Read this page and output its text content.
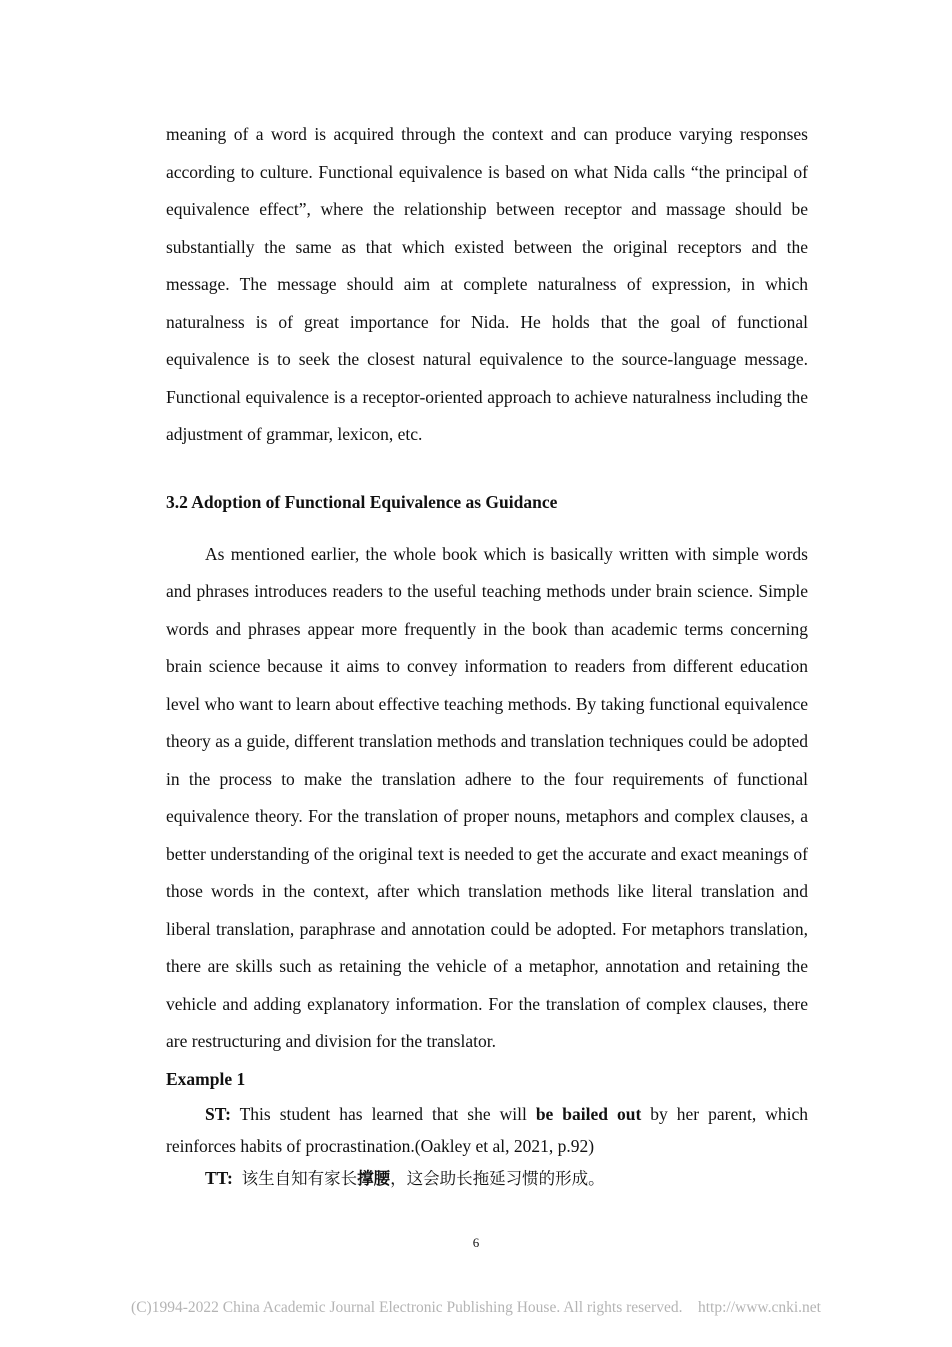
meaning of a word is acquired through the context and can produce varying responses according to culture. Functional equivalence is based on what Nida calls “the principal of equivalence effect”, where the relationship between receptor and massage should be substantially the same as that which existed between the original receptors and the message. The message should aim at complete naturalness of expression, in which naturalness is of great importance for Nida. He holds that the goal of functional equivalence is to seek the closest natural equivalence to the source-language message. Functional equivalence is a receptor-oriented approach to achieve naturalness including the adjustment of grammar, lexicon, etc.

3.2 Adoption of Functional Equivalence as Guidance

As mentioned earlier, the whole book which is basically written with simple words and phrases introduces readers to the useful teaching methods under brain science. Simple words and phrases appear more frequently in the book than academic terms concerning brain science because it aims to convey information to readers from different education level who want to learn about effective teaching methods. By taking functional equivalence theory as a guide, different translation methods and translation techniques could be adopted in the process to make the translation adhere to the four requirements of functional equivalence theory. For the translation of proper nouns, metaphors and complex clauses, a better understanding of the original text is needed to get the accurate and exact meanings of those words in the context, after which translation methods like literal translation and liberal translation, paraphrase and annotation could be adopted. For metaphors translation, there are skills such as retaining the vehicle of a metaphor, annotation and retaining the vehicle and adding explanatory information. For the translation of complex clauses, there are restructuring and division for the translator.

Example 1

ST: This student has learned that she will be bailed out by her parent, which reinforces habits of procrastination.(Oakley et al, 2021, p.92)

TT: 该生自知有家长撑腰，这会助长拖延习惯的形成。

6
(C)1994-2022 China Academic Journal Electronic Publishing House. All rights reserved.    http://www.cnki.net
